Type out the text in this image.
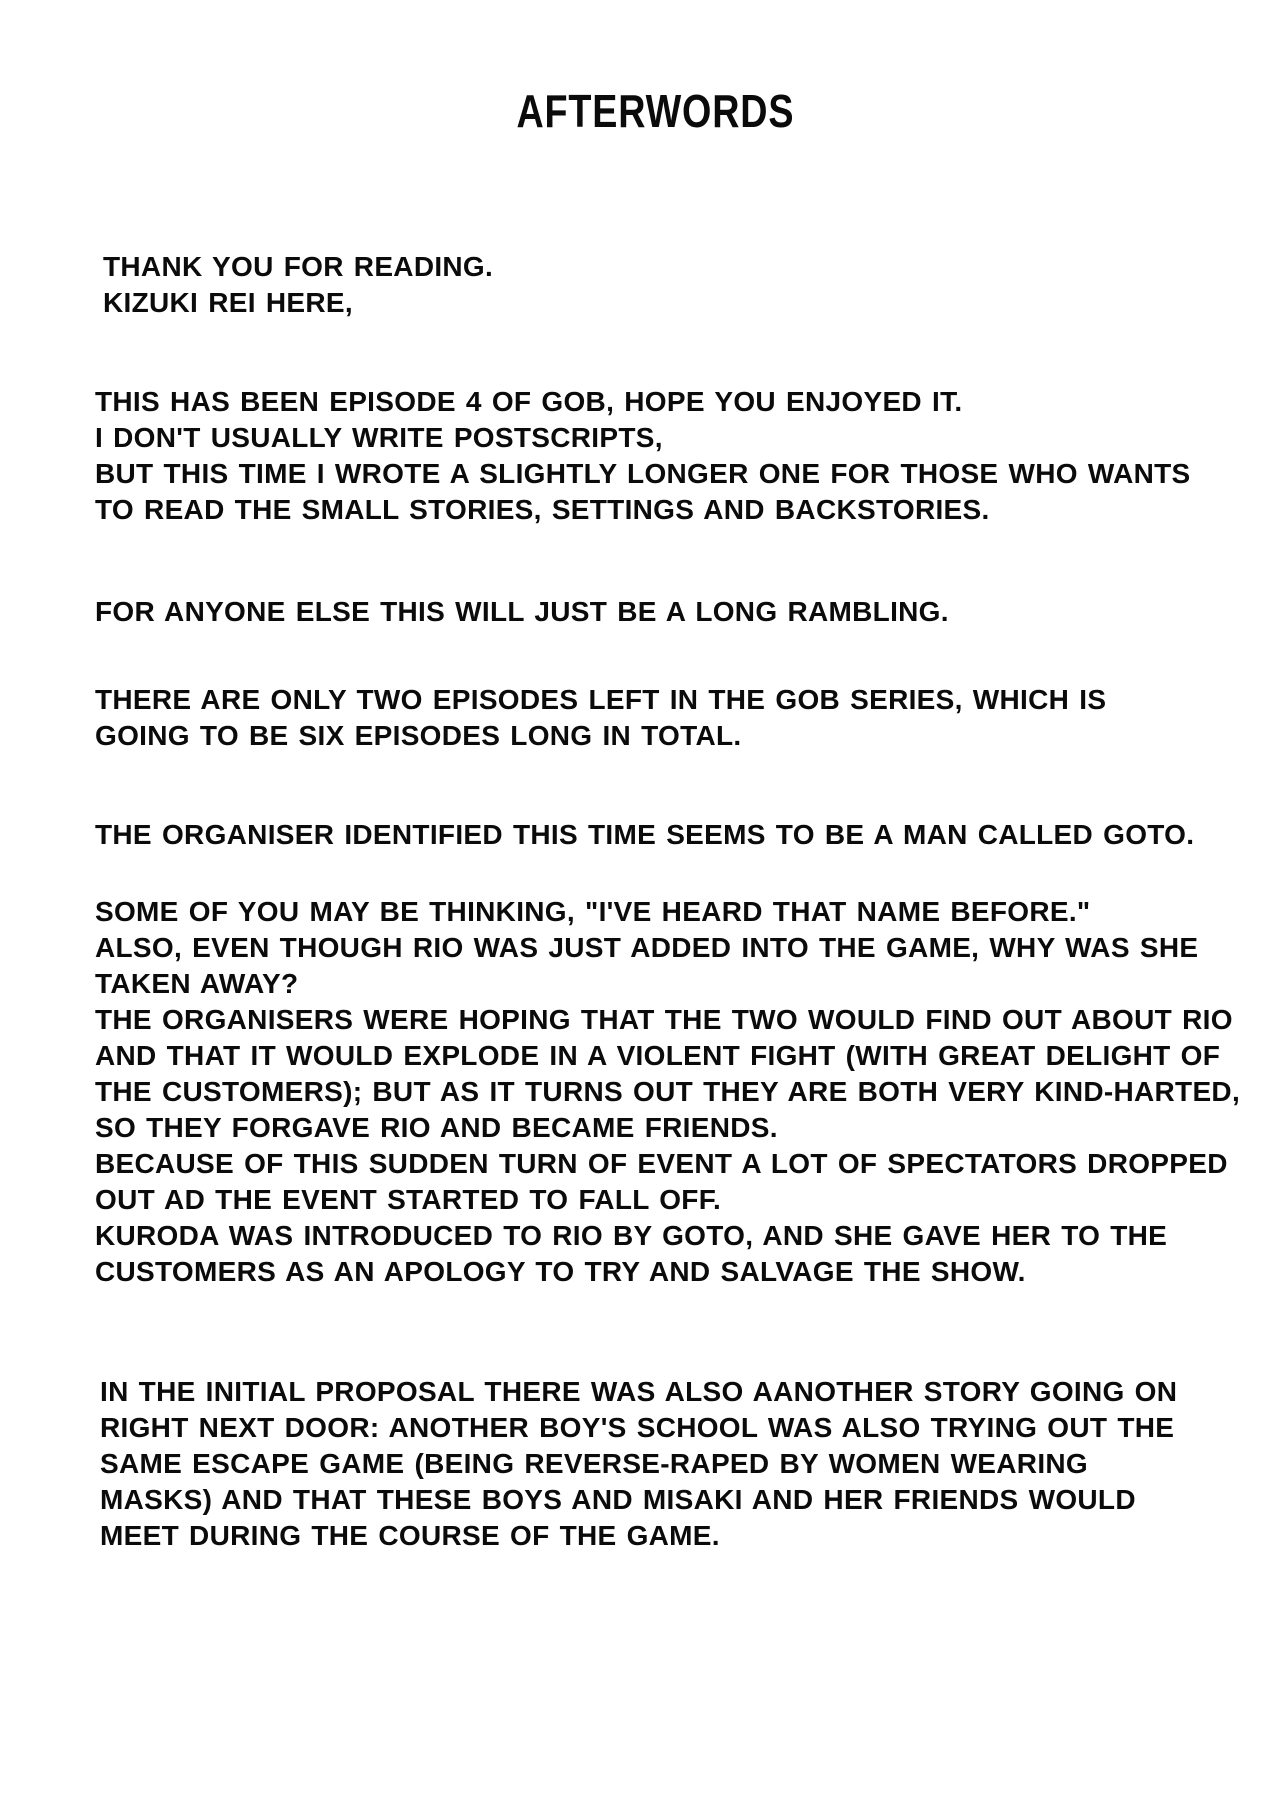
AFTERWORDS
THANK YOU FOR READING.
KIZUKI REI HERE,
THIS HAS BEEN EPISODE 4 OF GOB, HOPE YOU ENJOYED IT.
I DON'T USUALLY WRITE POSTSCRIPTS,
BUT THIS TIME I WROTE A SLIGHTLY LONGER ONE FOR THOSE WHO WANTS
TO READ THE SMALL STORIES, SETTINGS AND BACKSTORIES.
FOR ANYONE ELSE THIS WILL JUST BE A LONG RAMBLING.
THERE ARE ONLY TWO EPISODES LEFT IN THE GOB SERIES, WHICH IS
GOING TO BE SIX EPISODES LONG IN TOTAL.
THE ORGANISER IDENTIFIED THIS TIME SEEMS TO BE A MAN CALLED GOTO.
SOME OF YOU MAY BE THINKING, "I'VE HEARD THAT NAME BEFORE."
ALSO, EVEN THOUGH RIO WAS JUST ADDED INTO THE GAME, WHY WAS SHE
TAKEN AWAY?
THE ORGANISERS WERE HOPING THAT THE TWO WOULD FIND OUT ABOUT RIO
AND THAT IT WOULD EXPLODE IN A VIOLENT FIGHT (WITH GREAT DELIGHT OF
THE CUSTOMERS); BUT AS IT TURNS OUT THEY ARE BOTH VERY KIND-HARTED,
SO THEY FORGAVE RIO AND BECAME FRIENDS.
BECAUSE OF THIS SUDDEN TURN OF EVENT A LOT OF SPECTATORS DROPPED
OUT AD THE EVENT STARTED TO FALL OFF.
KURODA WAS INTRODUCED TO RIO BY GOTO, AND SHE GAVE HER TO THE
CUSTOMERS AS AN APOLOGY TO TRY AND SALVAGE THE SHOW.
IN THE INITIAL PROPOSAL THERE WAS ALSO AANOTHER STORY GOING ON
RIGHT NEXT DOOR: ANOTHER BOY'S SCHOOL WAS ALSO TRYING OUT THE
SAME ESCAPE GAME (BEING REVERSE-RAPED BY WOMEN WEARING
MASKS) AND THAT THESE BOYS AND MISAKI AND HER FRIENDS WOULD
MEET DURING THE COURSE OF THE GAME.
